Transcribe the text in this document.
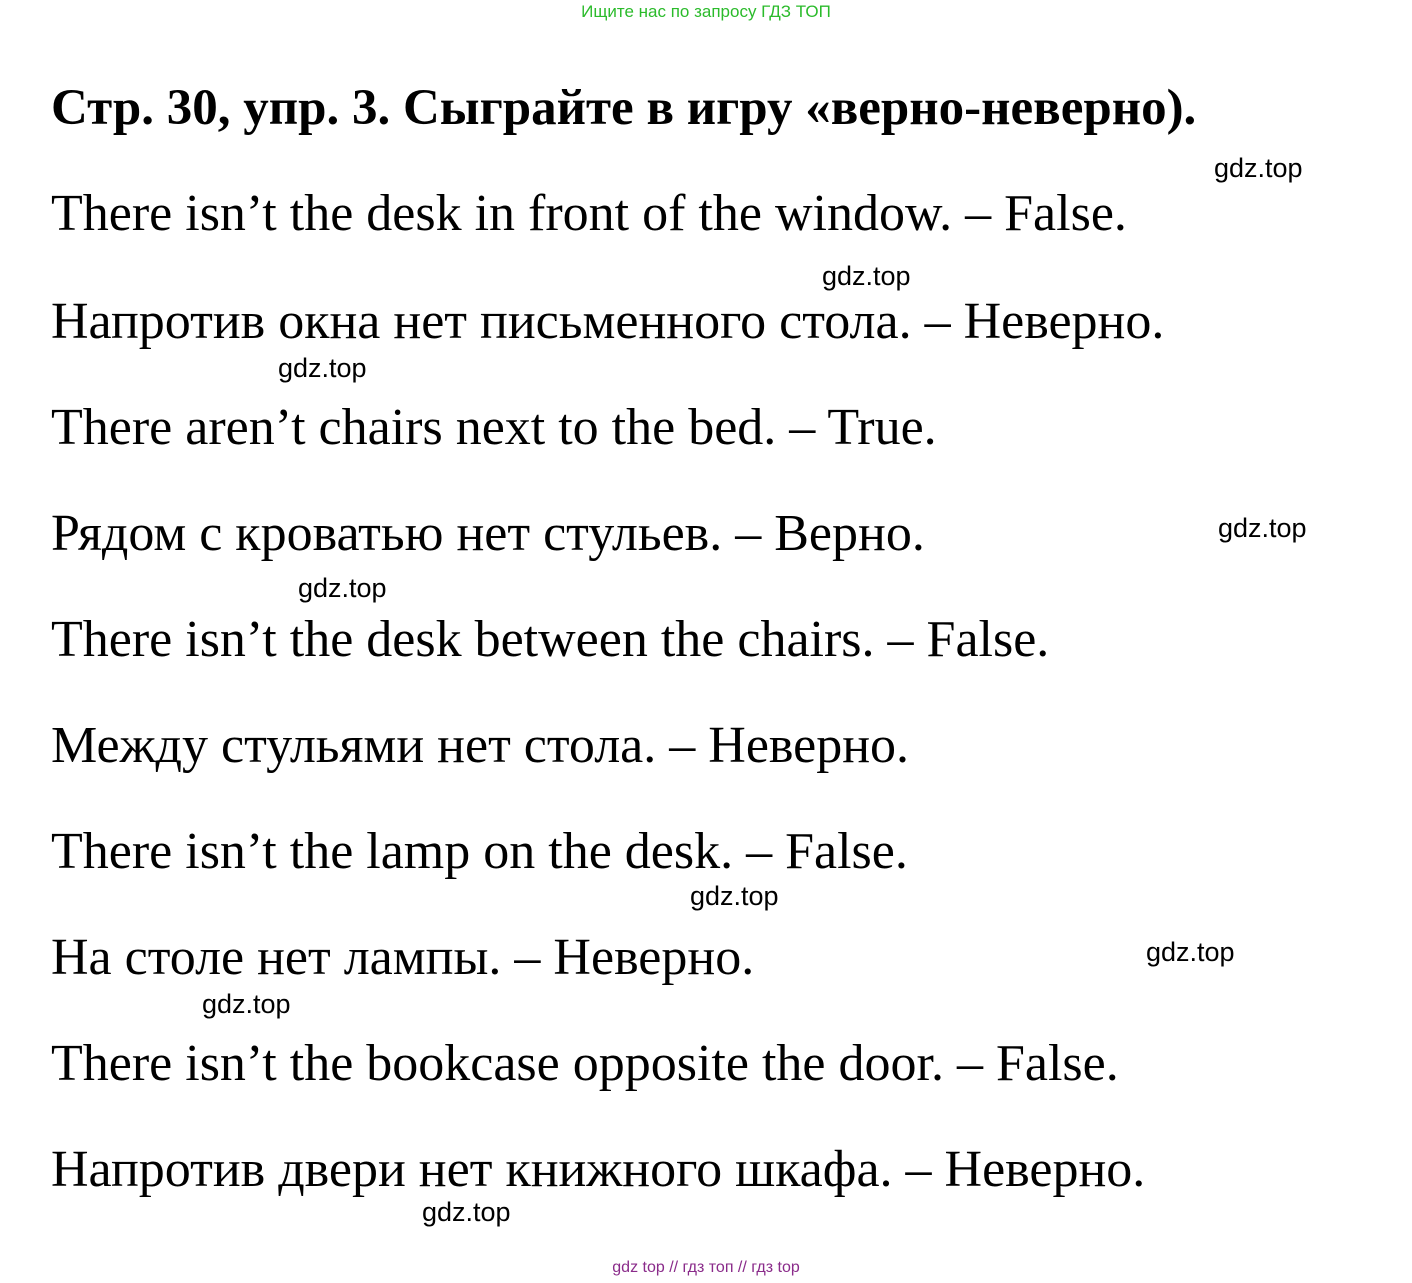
Ищите нас по запросу ГДЗ ТОП
Стр. 30, упр. 3. Сыграйте в игру «верно-неверно).

There isn’t the desk in front of the window. – False.

Напротив окна нет письменного стола. – Неверно.

There aren’t chairs next to the bed. – True.

Рядом с кроватью нет стульев. – Верно.

There isn’t the desk between the chairs. – False.

Между стульями нет стола. – Неверно.

There isn’t the lamp on the desk. – False.

На столе нет лампы. – Неверно.

There isn’t the bookcase opposite the door. – False.

Напротив двери нет книжного шкафа. – Неверно.

gdz.top
gdz.top
gdz.top
gdz.top
gdz.top
gdz.top
gdz.top
gdz.top
gdz.top
gdz top // гдз топ // гдз top
